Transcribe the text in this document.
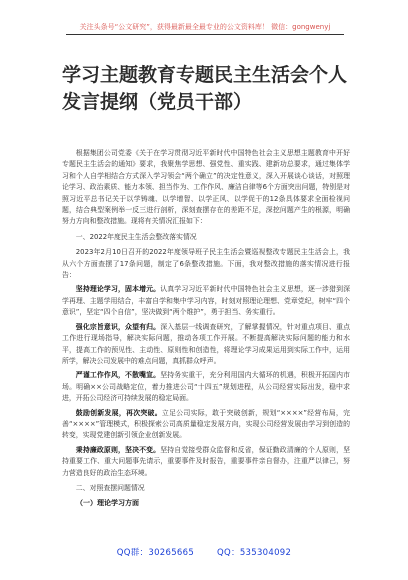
关注头条号“公文研究”，获得最新最全最专业的公文资料库！ 微信：gongwenyj
学习主题教育专题民主生活会个人发言提纲（党员干部）

根据集团公司党委《关于在学习贯彻习近平新时代中国特色社会主义思想主题教育中开好专题民主生活会的通知》要求，我聚焦学思想、强党性、重实践、建新功总要求，通过集体学习和个人自学相结合方式深入学习领会“两个确立”的决定性意义，深入开展谈心谈话，对照理论学习、政治素质、能力本领、担当作为、工作作风、廉洁自律等6个方面突出问题，特别是对照习近平总书记关于以学铸魂、以学增智、以学正风、以学促干的12条具体要求全面检视问题，结合典型案例举一反三进行剖析，深刻查摆存在的差距不足，深挖问题产生的根源，明确努力方向和整改措施。现将有关情况汇报如下：

一、2022年度民主生活会整改落实情况

2023年2月10日召开的2022年度领导班子民主生活会暨巡视整改专题民主生活会上，我从六个方面查摆了17条问题，制定了6条整改措施。下面，我对整改措施的落实情况进行报告：

坚持理论学习，固本增元。认真学习习近平新时代中国特色社会主义思想，逐一涉猎到深学再理、主题学用结合，丰富自学和集中学习内容，时刻对照理论理想、党章党纪，树牢“四个意识”，坚定“四个自信”，坚决做到“两个维护”，勇于担当、务实重行。

强化宗旨意识，众望有归。深入基层一线调查研究，了解掌握情况，针对重点项目、重点工作进行现场指导，解决实际问题，推动各项工作开展。不断提高解决实际问题的能力和水平，提高工作的预见性、主动性、原则性和创造性，将理论学习成果运用到实际工作中，运用所学，解决公司发展中的难点问题，真抓群众呼声。

严谨工作作风，不散嘴宣。坚持务实重干，充分利用国内大循环的机遇，积极开拓国内市场。明确××公司战略定位，着力推进公司“十四五”规划进程，从公司经营实际出发，稳中求进，开拓公司经济可持续发展的稳定局面。

鼓励创新发展，再次突破。立足公司实际，敢于突破创新，规划“××××”经营布局，完善“××××”管理模式，积极探索公司高质量稳定发展方向，实现公司经营发展由学习到创造的转变，实现党建创新引领企业创新发展。

秉持廉政原则，坚决不变。坚持自觉接受群众监督和反省，保证勤政清廉的个人原则，坚持重要工作、重大问题事先请示，重要事件及时报告，重要事件亲自督办，注重严以律己，努力营造良好的政治生态环境。

二、对照查摆问题情况
（一）理论学习方面
QQ群：30265665	QQ：535304092
